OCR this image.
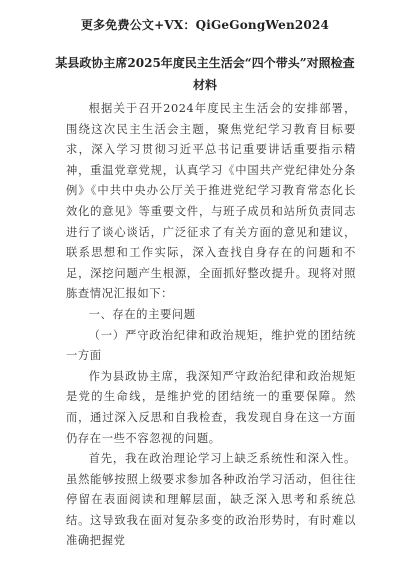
更多免费公文+VX：QiGeGongWen2024
某县政协主席2025年度民主生活会“四个带头”对照检查
材料

根据关于召开2024年度民主生活会的安排部署，围绕这次民主生活会主题，聚焦党纪学习教育目标要求，深入学习贯彻习近平总书记重要讲话重要指示精神，重温党章党规，认真学习《中国共产党纪律处分条例》《中共中央办公厅关于推进党纪学习教育常态化长效化的意见》等重要文件，与班子成员和站所负责同志进行了谈心谈话，广泛征求了有关方面的意见和建议，联系思想和工作实际，深入查找自身存在的问题和不足，深挖问题产生根源，全面抓好整改提升。现将对照胨查情况汇报如下：

一、存在的主要问题

（一）严守政治纪律和政治规矩，维护党的团结统一方面

作为县政协主席，我深知严守政治纪律和政治规矩是党的生命线，是维护党的团结统一的重要保障。然而，通过深入反思和自我检查，我发现自身在这一方面仍存在一些不容忽视的问题。

首先，我在政治理论学习上缺乏系统性和深入性。虽然能够按照上级要求参加各种政治学习活动，但往往停留在表面阅读和理解层面，缺乏深入思考和系统总结。这导致我在面对复杂多变的政治形势时，有时难以准确把握党
